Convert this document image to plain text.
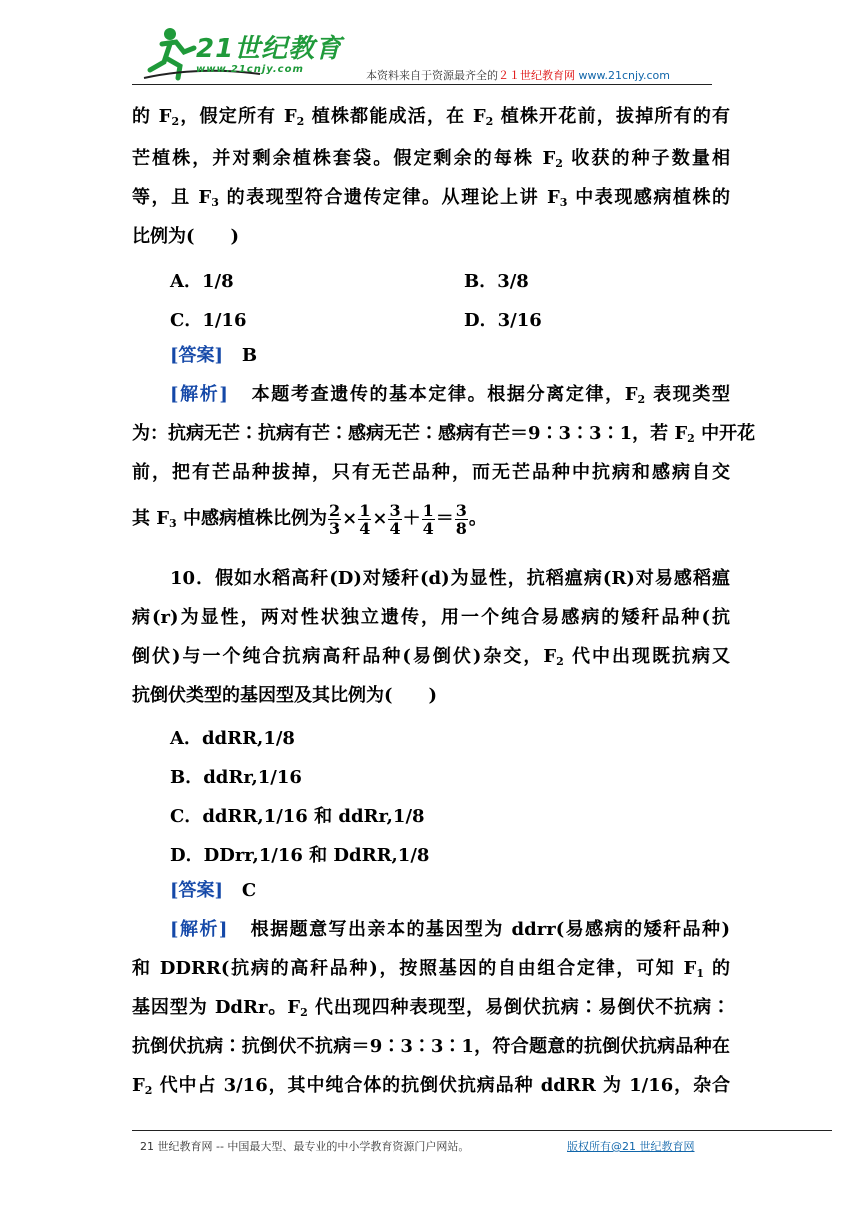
21世纪教育
www.21cnjy.com	本资料来自于资源最齐全的２１世纪教育网 www.21cnjy.com
的 $F_2$，假定所有 $F_2$ 植株都能成活，在 $F_2$ 植株开花前，拔掉所有的有
芒植株，并对剩余植株套袋。假定剩余的每株 $F_2$ 收获的种子数量相
等，且 $F_3$ 的表现型符合遗传定律。从理论上讲 $F_3$ 中表现感病植株的
比例为(　　)
A．1/8	B．3/8
C．1/16	D．3/16
[答案] B
[解析] 本题考查遗传的基本定律。根据分离定律，$F_2$ 表现类型
为：抗病无芒∶抗病有芒∶感病无芒∶感病有芒＝9∶3∶3∶1，若 $F_2$ 中开花
前，把有芒品种拔掉，只有无芒品种，而无芒品种中抗病和感病自交
其 $F_3$ 中感病植株比例为 $\frac{2}{3} \times \frac{1}{4} \times \frac{3}{4} + \frac{1}{4} = \frac{3}{8}$ 。
10．假如水稻高秆(D)对矮秆(d)为显性，抗稻瘟病(R)对易感稻瘟
病(r)为显性，两对性状独立遗传，用一个纯合易感病的矮秆品种(抗
倒伏)与一个纯合抗病高秆品种(易倒伏)杂交，$F_2$ 代中出现既抗病又
抗倒伏类型的基因型及其比例为(　　)
A．ddRR,1/8
B．ddRr,1/16
C．ddRR,1/16 和 ddRr,1/8
D．DDrr,1/16 和 DdRR,1/8
[答案] C
[解析] 根据题意写出亲本的基因型为 ddrr(易感病的矮秆品种)
和 DDRR(抗病的高秆品种)，按照基因的自由组合定律，可知 $F_1$ 的
基因型为 DdRr。$F_2$ 代出现四种表现型，易倒伏抗病∶易倒伏不抗病∶
抗倒伏抗病∶抗倒伏不抗病＝9∶3∶3∶1，符合题意的抗倒伏抗病品种在
$F_2$ 代中占 3/16，其中纯合体的抗倒伏抗病品种 ddRR 为 1/16，杂合
21 世纪教育网 -- 中国最大型、最专业的中小学教育资源门户网站。	版权所有@21 世纪教育网
